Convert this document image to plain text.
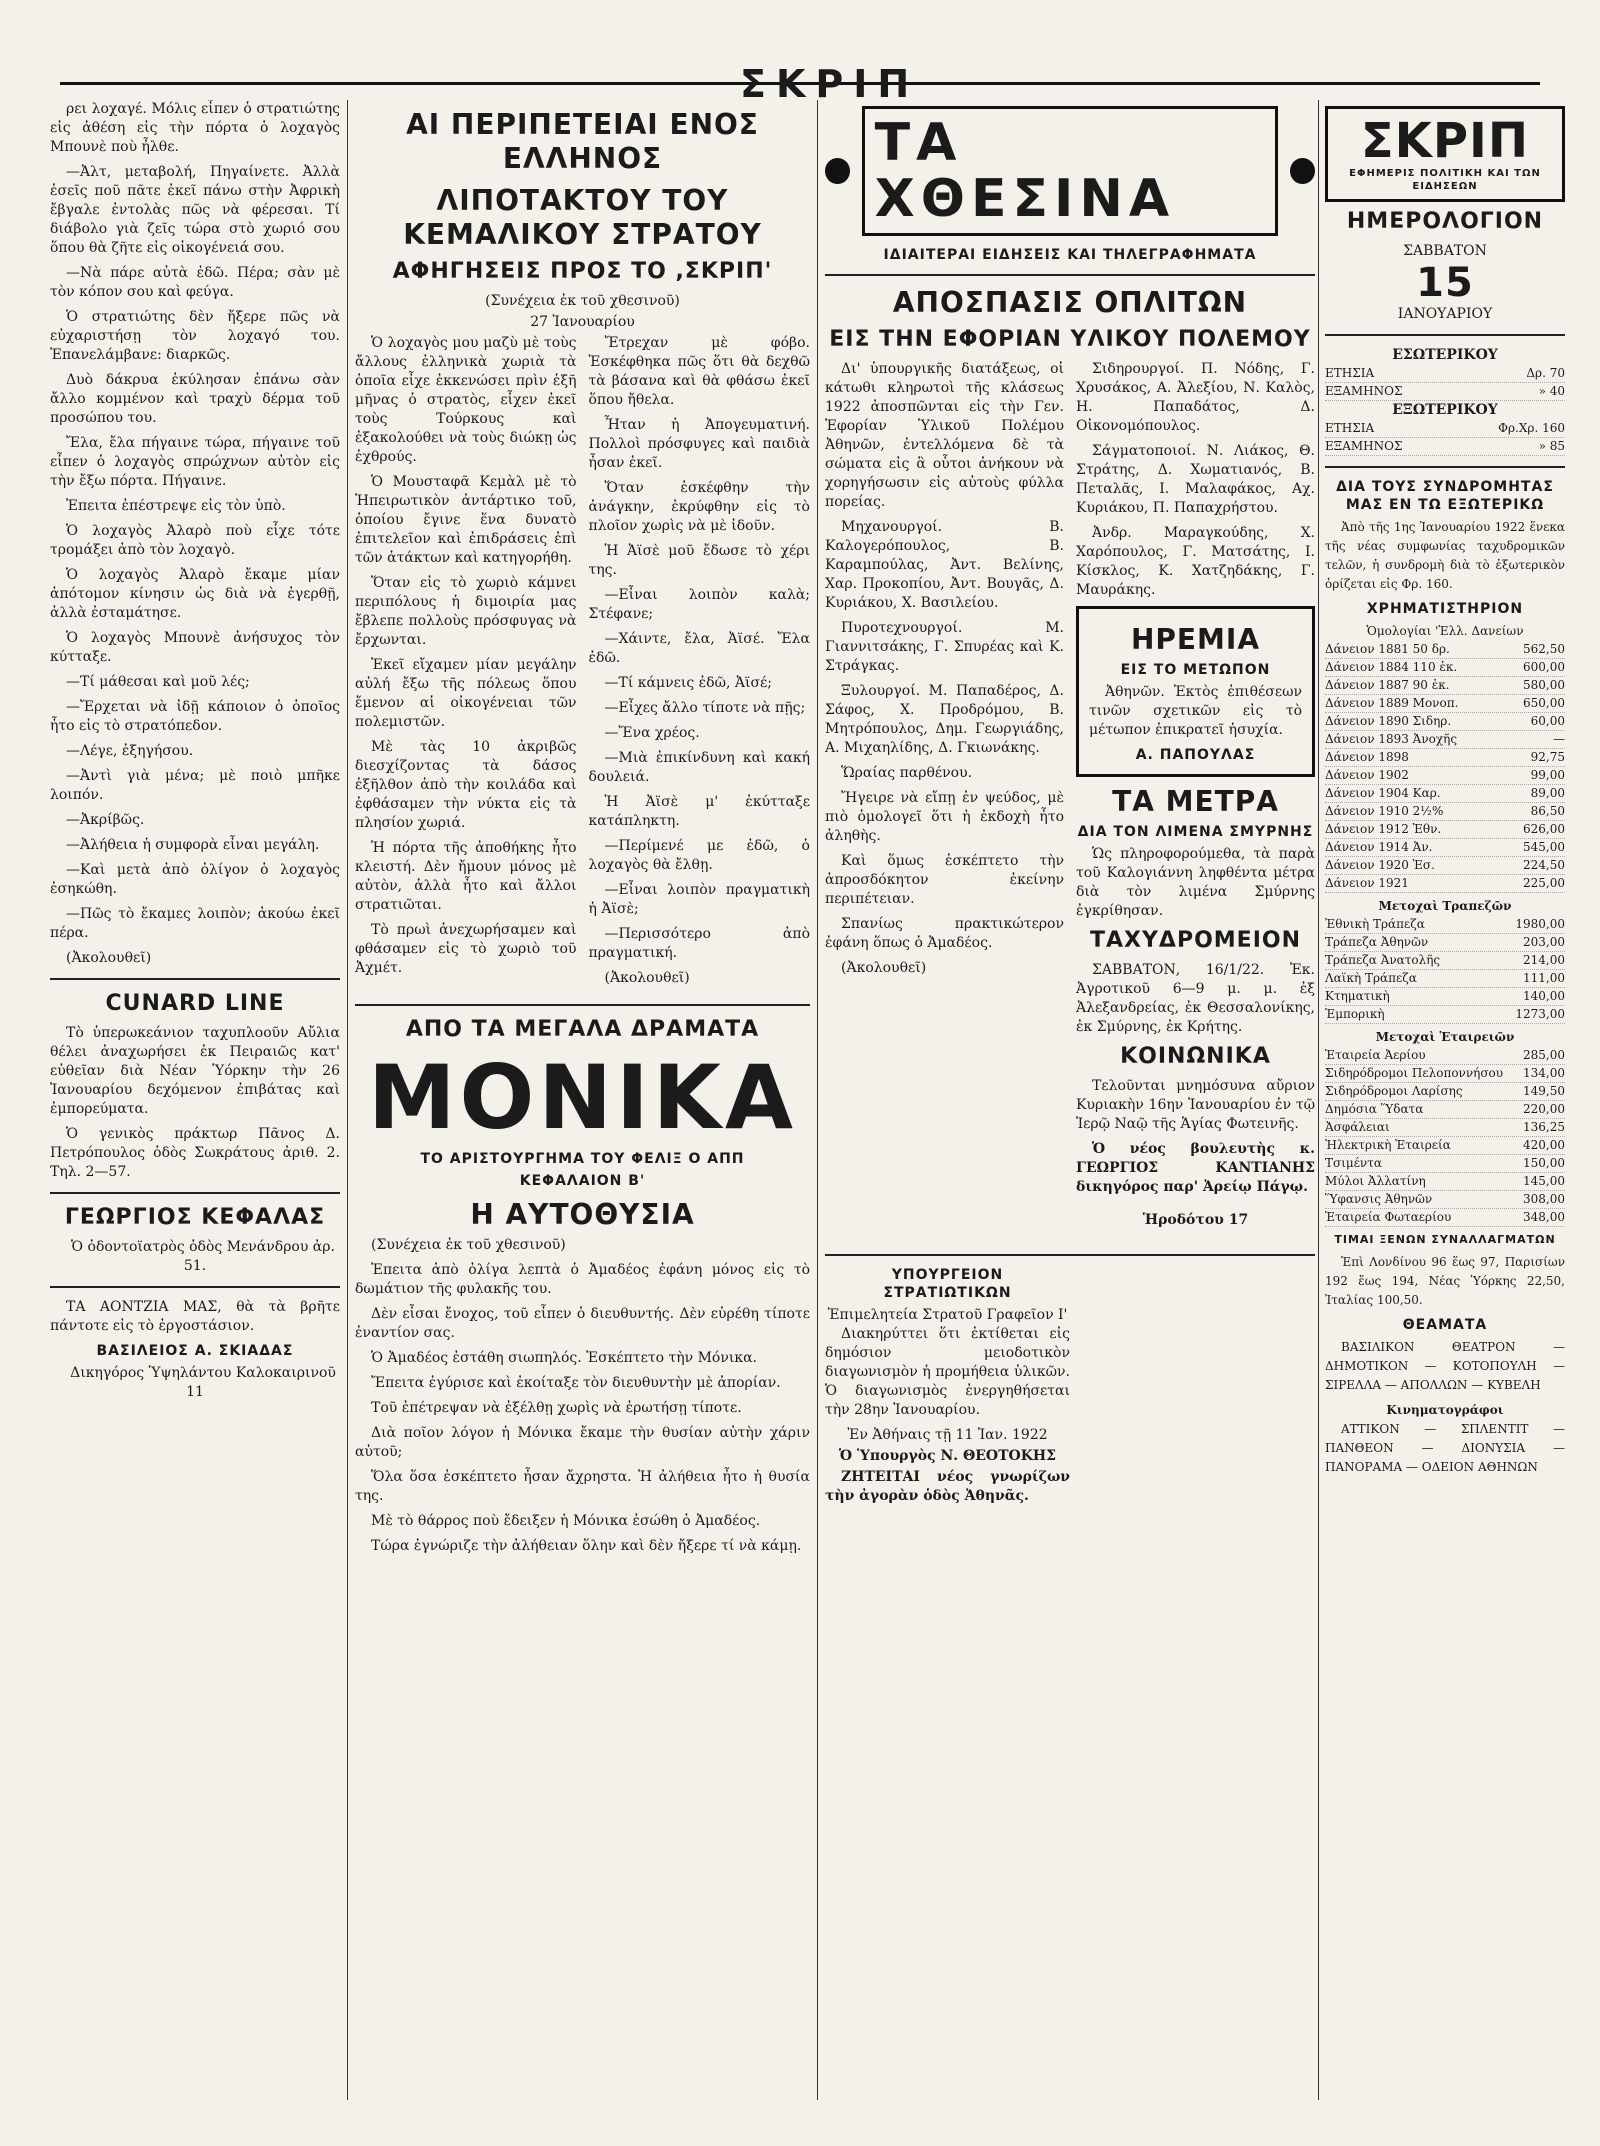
ΣΚΡΙΠ

ρει λοχαγέ. Μόλις εἶπεν ὁ στρατιώτης εἰς ἀθέση εἰς τὴν πόρτα ὁ λοχαγὸς Μπουνὲ ποὺ ἦλθε.

—Ἀλτ, μεταβολή, Πηγαίνετε. Ἀλλὰ ἐσεῖς ποῦ πᾶτε ἐκεῖ πάνω στὴν Ἀφρικὴ ἔβγαλε ἐντολὰς πῶς νὰ φέρεσαι. Τί διάβολο γιὰ ζεῖς τώρα στὸ χωριό σου ὅπου θὰ ζῆτε εἰς οἰκογένειά σου.

—Νὰ πάρε αὐτὰ ἐδῶ. Πέρα; σὰν μὲ τὸν κόπον σου καὶ φεύγα.

Ὁ στρατιώτης δὲν ἤξερε πῶς νὰ εὐχαριστήσῃ τὸν λοχαγό του. Ἐπανελάμβανε: διαρκῶς.

Δυὸ δάκρυα ἐκύλησαν ἐπάνω σὰν ἄλλο κομμένον καὶ τραχὺ δέρμα τοῦ προσώπου του.

Ἔλα, ἔλα πήγαινε τώρα, πήγαινε τοῦ εἶπεν ὁ λοχαγὸς σπρώχνων αὐτὸν εἰς τὴν ἔξω πόρτα. Πήγαινε.

Ἐπειτα ἐπέστρεψε εἰς τὸν ὑπὸ.

Ὁ λοχαγὸς Ἀλαρὸ ποὺ εἶχε τότε τρομάξει ἀπὸ τὸν λοχαγὸ.

Ὁ λοχαγὸς Ἀλαρὸ ἔκαμε μίαν ἀπότομον κίνησιν ὡς διὰ νὰ ἐγερθῇ, ἀλλὰ ἐσταμάτησε.

Ὁ λοχαγὸς Μπουνὲ ἀνήσυχος τὸν κύτταξε.

—Τί μάθεσαι καὶ μοῦ λές;

—Ἔρχεται νὰ ἰδῇ κάποιον ὁ ὁποῖος ἦτο εἰς τὸ στρατόπεδον.

—Λέγε, ἐξηγήσου.

—Ἀντὶ γιὰ μένα; μὲ ποιὸ μπῆκε λοιπόν.

—Ἀκρίβῶς.

—Ἀλήθεια ἡ συμφορὰ εἶναι μεγάλη.

—Καὶ μετὰ ἀπὸ ὀλίγον ὁ λοχαγὸς ἐσηκώθη.

—Πῶς τὸ ἔκαμες λοιπὸν; ἀκούω ἐκεῖ πέρα.

(Ἀκολουθεῖ)

CUNARD LINE

Τὸ ὑπερωκεάνιον ταχυπλοοῦν Αὔλια θέλει ἀναχωρήσει ἐκ Πειραιῶς κατ' εὐθεῖαν διὰ Νέαν Ὑόρκην τὴν 26 Ἰανουαρίου δεχόμενον ἐπιβάτας καὶ ἐμπορεύματα.

Ὁ γενικὸς πράκτωρ Πᾶνος Δ. Πετρόπουλος ὁδὸς Σωκράτους ἀριθ. 2. Τηλ. 2—57.

ΓΕΩΡΓΙΟΣ ΚΕΦΑΛΑΣ

Ὁ ὀδοντοϊατρὸς ὁδὸς Μενάνδρου ἀρ. 51.

ΤΑ ΑΟΝΤΖΙΑ ΜΑΣ, θὰ τὰ βρῆτε πάντοτε εἰς τὸ ἐργοστάσιον.

ΒΑΣΙΛΕΙΟΣ Α. ΣΚΙΑΔΑΣ

Δικηγόρος Ὑψηλάντου Καλοκαιρινοῦ 11

ΑΙ ΠΕΡΙΠΕΤΕΙΑΙ ΕΝΟΣ ΕΛΛΗΝΟΣ
ΛΙΠΟΤΑΚΤΟΥ ΤΟΥ ΚΕΜΑΛΙΚΟΥ ΣΤΡΑΤΟΥ
ΑΦΗΓΗΣΕΙΣ ΠΡΟΣ ΤΟ ,ΣΚΡΙΠ'

(Συνέχεια ἐκ τοῦ χθεσινοῦ)

27 Ἰανουαρίου

Ὁ λοχαγὸς μου μαζὺ μὲ τοὺς ἄλλους ἐλληνικὰ χωριὰ τὰ ὁποῖα εἶχε ἐκκενώσει πρὶν ἑξῆ μῆνας ὁ στρατὸς, εἶχεν ἐκεῖ τοὺς Τούρκους καὶ ἐξακολούθει νὰ τοὺς διώκῃ ὡς ἐχθρούς.

Ὁ Μουσταφᾶ Κεμὰλ μὲ τὸ Ἠπειρωτικὸν ἀντάρτικο τοῦ, ὁποίου ἔγινε ἕνα δυνατὸ ἐπιτελεῖον καὶ ἐπιδράσεις ἐπὶ τῶν ἀτάκτων καὶ κατηγορήθη.

Ὅταν εἰς τὸ χωριὸ κάμνει περιπόλους ἡ διμοιρία μας ἔβλεπε πολλοὺς πρόσφυγας νὰ ἔρχωνται.

Ἐκεῖ εἴχαμεν μίαν μεγάλην αὐλή ἔξω τῆς πόλεως ὅπου ἔμενον αἱ οἰκογένειαι τῶν πολεμιστῶν.

Μὲ τὰς 10 ἀκριβῶς διεσχίζοντας τὰ δάσος ἐξῆλθον ἀπὸ τὴν κοιλάδα καὶ ἐφθάσαμεν τὴν νύκτα εἰς τὰ πλησίον χωριά.

Ἡ πόρτα τῆς ἀποθήκης ἦτο κλειστή. Δὲν ἤμουν μόνος μὲ αὐτὸν, ἀλλὰ ἦτο καὶ ἄλλοι στρατιῶται.

Τὸ πρωὶ ἀνεχωρήσαμεν καὶ φθάσαμεν εἰς τὸ χωριὸ τοῦ Ἀχμέτ.

Ἔτρεχαν μὲ φόβο. Ἐσκέφθηκα πῶς ὅτι θὰ δεχθῶ τὰ βάσανα καὶ θὰ φθάσω ἐκεῖ ὅπου ἤθελα.

Ἦταν ἡ Ἀπογευματινή. Πολλοὶ πρόσφυγες καὶ παιδιὰ ἦσαν ἐκεῖ.

Ὅταν ἐσκέφθην τὴν ἀνάγκην, ἐκρύφθην εἰς τὸ πλοῖον χωρὶς νὰ μὲ ἰδοῦν.

Ἡ Ἀϊσὲ μοῦ ἔδωσε τὸ χέρι της.

—Εἶναι λοιπὸν καλὰ; Στέφανε;

—Χάιντε, ἔλα, Ἀϊσέ. Ἔλα ἐδῶ.

—Τί κάμνεις ἐδῶ, Ἀϊσέ;

—Εἶχες ἄλλο τίποτε νὰ πῇς;

—Ἔνα χρέος.

—Μιὰ ἐπικίνδυνη καὶ κακή δουλειά.

Ἡ Ἀϊσὲ μ' ἐκύτταξε κατάπληκτη.

—Περίμενέ με ἐδῶ, ὁ λοχαγὸς θὰ ἔλθῃ.

—Εἶναι λοιπὸν πραγματικὴ ἡ Ἀϊσὲ;

—Περισσότερο ἀπὸ πραγματική.

(Ἀκολουθεῖ)

ΑΠΟ ΤΑ ΜΕΓΑΛΑ ΔΡΑΜΑΤΑ
ΜΟΝΙΚΑ
ΤΟ ΑΡΙΣΤΟΥΡΓΗΜΑ ΤΟΥ ΦΕΛΙΞ Ο ΑΠΠ
ΚΕΦΑΛΑΙΟΝ Β'
Η ΑΥΤΟΘΥΣΙΑ

(Συνέχεια ἐκ τοῦ χθεσινοῦ)

Ἐπειτα ἀπὸ ὀλίγα λεπτὰ ὁ Ἀμαδέος ἐφάνη μόνος εἰς τὸ δωμάτιον τῆς φυλακῆς του.

Δὲν εἶσαι ἔνοχος, τοῦ εἶπεν ὁ διευθυντής. Δὲν εὑρέθη τίποτε ἐναντίον σας.

Ὁ Ἀμαδέος ἐστάθη σιωπηλός. Ἐσκέπτετο τὴν Μόνικα.

Ἔπειτα ἐγύρισε καὶ ἐκοίταξε τὸν διευθυντὴν μὲ ἀπορίαν.

Τοῦ ἐπέτρεψαν νὰ ἐξέλθῃ χωρὶς νὰ ἐρωτήσῃ τίποτε.

Διὰ ποῖον λόγον ἡ Μόνικα ἔκαμε τὴν θυσίαν αὐτὴν χάριν αὐτοῦ;

Ὅλα ὅσα ἐσκέπτετο ἦσαν ἄχρηστα. Ἡ ἀλήθεια ἦτο ἡ θυσία της.

Μὲ τὸ θάρρος ποὺ ἔδειξεν ἡ Μόνικα ἐσώθη ὁ Ἀμαδέος.

Τώρα ἐγνώριζε τὴν ἀλήθειαν ὅλην καὶ δὲν ἤξερε τί νὰ κάμῃ.

ΤΑ ΧΘΕΣΙΝΑ
ΙΔΙΑΙΤΕΡΑΙ ΕΙΔΗΣΕΙΣ ΚΑΙ ΤΗΛΕΓΡΑΦΗΜΑΤΑ
ΑΠΟΣΠΑΣΙΣ ΟΠΛΙΤΩΝ
ΕΙΣ ΤΗΝ ΕΦΟΡΙΑΝ ΥΛΙΚΟΥ ΠΟΛΕΜΟΥ

Δι' ὑπουργικῆς διατάξεως, οἱ κάτωθι κληρωτοὶ τῆς κλάσεως 1922 ἀποσπῶνται εἰς τὴν Γεν. Ἐφορίαν Ὑλικοῦ Πολέμου Ἀθηνῶν, ἐντελλόμενα δὲ τὰ σώματα εἰς ἃ οὗτοι ἀνήκουν νὰ χορηγήσωσιν εἰς αὐτοὺς φύλλα πορείας.

Μηχανουργοί. Β. Καλογερόπουλος, Β. Καραμπούλας, Ἀντ. Βελίνης, Χαρ. Προκοπίου, Ἀντ. Βουγᾶς, Δ. Κυριάκου, Χ. Βασιλείου.

Πυροτεχνουργοί. Μ. Γιαννιτσάκης, Γ. Σπυρέας καὶ Κ. Στράγκας.

Ξυλουργοί. Μ. Παπαδέρος, Δ. Σάφος, Χ. Προδρόμου, Β. Μητρόπουλος, Δημ. Γεωργιάδης, Α. Μιχαηλίδης, Δ. Γκιωνάκης.

Ὥραίας παρθένου.

Ἤγειρε νὰ εἴπῃ ἐν ψεύδος, μὲ πιὸ ὁμολογεῖ ὅτι ἡ ἐκδοχὴ ἦτο ἀληθὴς.

Καὶ ὅμως ἐσκέπτετο τὴν ἀπροσδόκητον ἐκείνην περιπέτειαν.

Σπανίως πρακτικώτερον ἐφάνη ὅπως ὁ Ἀμαδέος.

(Ἀκολουθεῖ)

Σιδηρουργοί. Π. Νόδης, Γ. Χρυσάκος, Α. Ἀλεξίου, Ν. Καλὸς, Η. Παπαδάτος, Δ. Οἰκονομόπουλος.

Σάγματοποιοί. Ν. Λιάκος, Θ. Στράτης, Δ. Χωματιανός, Β. Πεταλᾶς, Ι. Μαλαφάκος, Αχ. Κυριάκου, Π. Παπαχρήστου.

Ἀνδρ. Μαραγκούδης, Χ. Χαρόπουλος, Γ. Ματσάτης, Ι. Κίσκλος, Κ. Χατζηδάκης, Γ. Μαυράκης.

ΗΡΕΜΙΑ
ΕΙΣ ΤΟ ΜΕΤΩΠΟΝ

Ἀθηνῶν. Ἐκτὸς ἐπιθέσεων τινῶν σχετικῶν εἰς τὸ μέτωπον ἐπικρατεῖ ἡσυχία.

Α. ΠΑΠΟΥΛΑΣ
ΤΑ ΜΕΤΡΑ
ΔΙΑ ΤΟΝ ΛΙΜΕΝΑ ΣΜΥΡΝΗΣ

Ὡς πληροφορούμεθα, τὰ παρὰ τοῦ Καλογιάννη ληφθέντα μέτρα διὰ τὸν λιμένα Σμύρνης ἐγκρίθησαν.

ΤΑΧΥΔΡΟΜΕΙΟΝ

ΣΑΒΒΑΤΟΝ, 16/1/22. Ἐκ. Ἀγροτικοῦ 6—9 μ. μ. ἐξ Ἀλεξανδρείας, ἐκ Θεσσαλονίκης, ἐκ Σμύρνης, ἐκ Κρήτης.

ΚΟΙΝΩΝΙΚΑ

Τελοῦνται μνημόσυνα αὔριον Κυριακὴν 16ην Ἰανουαρίου ἐν τῷ Ἱερῷ Ναῷ τῆς Ἁγίας Φωτεινῆς.

Ὁ νέος βουλευτὴς κ. ΓΕΩΡΓΙΟΣ ΚΑΝΤΙΑΝΗΣ δικηγόρος παρ' Ἀρείῳ Πάγῳ.

Ἡροδότου 17

ΥΠΟΥΡΓΕΙΟΝ ΣΤΡΑΤΙΩΤΙΚΩΝ
Ἐπιμελητεία Στρατοῦ Γραφεῖον Ι'

Διακηρύττει ὅτι ἐκτίθεται εἰς δημόσιον μειοδοτικὸν διαγωνισμὸν ἡ προμήθεια ὑλικῶν. Ὁ διαγωνισμὸς ἐνεργηθήσεται τὴν 28ην Ἰανουαρίου.

Ἐν Ἀθήναις τῇ 11 Ἰαν. 1922

Ὁ Ὑπουργὸς Ν. ΘΕΟΤΟΚΗΣ

ΖΗΤΕΙΤΑΙ νέος γνωρίζων τὴν ἀγορὰν ὁδὸς Ἀθηνᾶς.

ΣΚΡΙΠ
ΕΦΗΜΕΡΙΣ ΠΟΛΙΤΙΚΗ ΚΑΙ ΤΩΝ ΕΙΔΗΣΕΩΝ
ΗΜΕΡΟΛΟΓΙΟΝ
ΣΑΒΒΑΤΟΝ
15
ΙΑΝΟΥΑΡΙΟΥ
ΕΣΩΤΕΡΙΚΟΥ
ΕΤΗΣΙΑ	Δρ. 70
ΕΞΑΜΗΝΟΣ	» 40
ΕΞΩΤΕΡΙΚΟΥ
ΕΤΗΣΙΑ	Φρ.Χρ. 160
ΕΞΑΜΗΝΟΣ	» 85
ΔΙΑ ΤΟΥΣ ΣΥΝΔΡΟΜΗΤΑΣ ΜΑΣ ΕΝ ΤΩ ΕΞΩΤΕΡΙΚΩ

Ἀπὸ τῆς 1ης Ἰανουαρίου 1922 ἕνεκα τῆς νέας συμφωνίας ταχυδρομικῶν τελῶν, ἡ συνδρομὴ διὰ τὸ ἐξωτερικὸν ὁρίζεται εἰς Φρ. 160.

ΧΡΗΜΑΤΙΣΤΗΡΙΟΝ
Ὁμολογίαι 'Ἑλλ. Δανείων
Δάνειον 1881 50 δρ.	562,50
Δάνειον 1884 110 ἐκ.	600,00
Δάνειον 1887 90 ἐκ.	580,00
Δάνειον 1889 Μονοπ.	650,00
Δάνειον 1890 Σιδηρ.	60,00
Δάνειον 1893 Ἀνοχῆς	—
Δάνειον 1898	92,75
Δάνειον 1902	99,00
Δάνειον 1904 Καρ.	89,00
Δάνειον 1910 2½%	86,50
Δάνειον 1912 Ἐθν.	626,00
Δάνειον 1914 Ἀν.	545,00
Δάνειον 1920 Ἐσ.	224,50
Δάνειον 1921	225,00
Μετοχαὶ Τραπεζῶν
Ἐθνικὴ Τράπεζα	1980,00
Τράπεζα Ἀθηνῶν	203,00
Τράπεζα Ἀνατολῆς	214,00
Λαϊκὴ Τράπεζα	111,00
Κτηματικὴ	140,00
Ἐμπορικὴ	1273,00
Μετοχαὶ Ἑταιρειῶν
Ἑταιρεία Ἀερίου	285,00
Σιδηρόδρομοι Πελοποννήσου 134,00
Σιδηρόδρομοι Λαρίσης	149,50
Δημόσια Ὕδατα	220,00
Ἀσφάλειαι	136,25
Ἠλεκτρικὴ Ἑταιρεία	420,00
Τσιμέντα	150,00
Μύλοι Ἀλλατίνη	145,00
Ὕφανσις Ἀθηνῶν	308,00
Ἑταιρεία Φωταερίου	348,00
ΤΙΜΑΙ ΞΕΝΩΝ ΣΥΝΑΛΛΑΓΜΑΤΩΝ

Ἐπὶ Λονδίνου 96 ἕως 97, Παρισίων 192 ἕως 194, Νέας Ὑόρκης 22,50, Ἰταλίας 100,50.

ΘΕΑΜΑΤΑ

ΒΑΣΙΛΙΚΟΝ ΘΕΑΤΡΟΝ — ΔΗΜΟΤΙΚΟΝ — ΚΟΤΟΠΟΥΛΗ — ΣΙΡΕΛΛΑ — ΑΠΟΛΛΩΝ — ΚΥΒΕΛΗ

Κινηματογράφοι

ΑΤΤΙΚΟΝ — ΣΠΛΕΝΤΙΤ — ΠΑΝΘΕΟΝ — ΔΙΟΝΥΣΙΑ — ΠΑΝΟΡΑΜΑ — ΟΔΕΙΟΝ ΑΘΗΝΩΝ
